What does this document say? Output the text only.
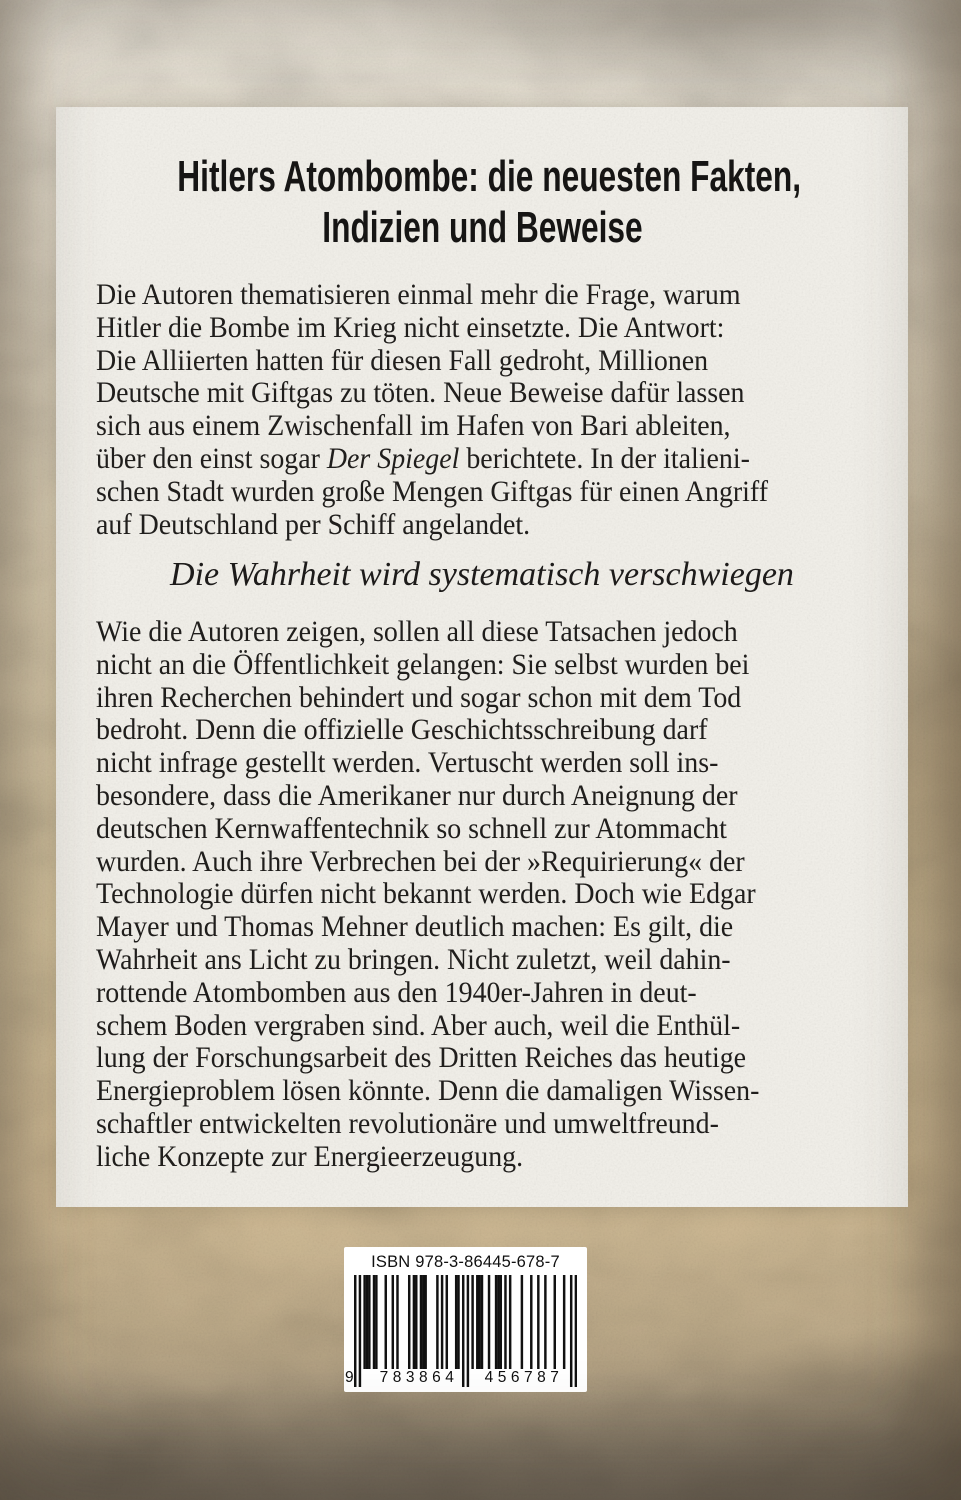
Hitlers Atombombe: die neuesten Fakten,
Indizien und Beweise
Die Autoren thematisieren einmal mehr die Frage, warum
Hitler die Bombe im Krieg nicht einsetzte. Die Antwort:
Die Alliierten hatten für diesen Fall gedroht, Millionen
Deutsche mit Giftgas zu töten. Neue Beweise dafür lassen
sich aus einem Zwischenfall im Hafen von Bari ableiten,
über den einst sogar Der Spiegel berichtete. In der italieni-
schen Stadt wurden große Mengen Giftgas für einen Angriff
auf Deutschland per Schiff angelandet.
Die Wahrheit wird systematisch verschwiegen
Wie die Autoren zeigen, sollen all diese Tatsachen jedoch
nicht an die Öffentlichkeit gelangen: Sie selbst wurden bei
ihren Recherchen behindert und sogar schon mit dem Tod
bedroht. Denn die offizielle Geschichtsschreibung darf
nicht infrage gestellt werden. Vertuscht werden soll ins-
besondere, dass die Amerikaner nur durch Aneignung der
deutschen Kernwaffentechnik so schnell zur Atommacht
wurden. Auch ihre Verbrechen bei der »Requirierung« der
Technologie dürfen nicht bekannt werden. Doch wie Edgar
Mayer und Thomas Mehner deutlich machen: Es gilt, die
Wahrheit ans Licht zu bringen. Nicht zuletzt, weil dahin-
rottende Atombomben aus den 1940er-Jahren in deut-
schem Boden vergraben sind. Aber auch, weil die Enthül-
lung der Forschungsarbeit des Dritten Reiches das heutige
Energieproblem lösen könnte. Denn die damaligen Wissen-
schaftler entwickelten revolutionäre und umweltfreund-
liche Konzepte zur Energieerzeugung.
ISBN 978-3-86445-678-7
9	783864	456787
